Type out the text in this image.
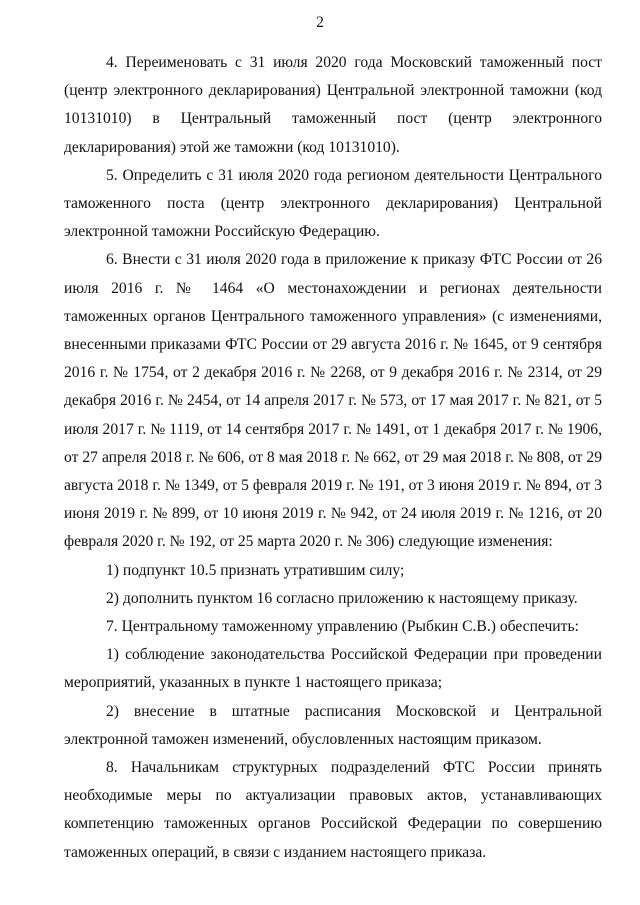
2

4. Переименовать с 31 июля 2020 года Московский таможенный пост (центр электронного декларирования) Центральной электронной таможни (код 10131010) в Центральный таможенный пост (центр электронного декларирования) этой же таможни (код 10131010).

5. Определить с 31 июля 2020 года регионом деятельности Центрального таможенного поста (центр электронного декларирования) Центральной электронной таможни Российскую Федерацию.

6. Внести с 31 июля 2020 года в приложение к приказу ФТС России от 26 июля 2016 г. № 1464 «О местонахождении и регионах деятельности таможенных органов Центрального таможенного управления» (с изменениями, внесенными приказами ФТС России от 29 августа 2016 г. № 1645, от 9 сентября 2016 г. № 1754, от 2 декабря 2016 г. № 2268, от 9 декабря 2016 г. № 2314, от 29 декабря 2016 г. № 2454, от 14 апреля 2017 г. № 573, от 17 мая 2017 г. № 821, от 5 июля 2017 г. № 1119, от 14 сентября 2017 г. № 1491, от 1 декабря 2017 г. № 1906, от 27 апреля 2018 г. № 606, от 8 мая 2018 г. № 662, от 29 мая 2018 г. № 808, от 29 августа 2018 г. № 1349, от 5 февраля 2019 г. № 191, от 3 июня 2019 г. № 894, от 3 июня 2019 г. № 899, от 10 июня 2019 г. № 942, от 24 июля 2019 г. № 1216, от 20 февраля 2020 г. № 192, от 25 марта 2020 г. № 306) следующие изменения:

1) подпункт 10.5 признать утратившим силу;

2) дополнить пунктом 16 согласно приложению к настоящему приказу.

7. Центральному таможенному управлению (Рыбкин С.В.) обеспечить:

1) соблюдение законодательства Российской Федерации при проведении мероприятий, указанных в пункте 1 настоящего приказа;

2) внесение в штатные расписания Московской и Центральной электронной таможен изменений, обусловленных настоящим приказом.

8. Начальникам структурных подразделений ФТС России принять необходимые меры по актуализации правовых актов, устанавливающих компетенцию таможенных органов Российской Федерации по совершению таможенных операций, в связи с изданием настоящего приказа.
